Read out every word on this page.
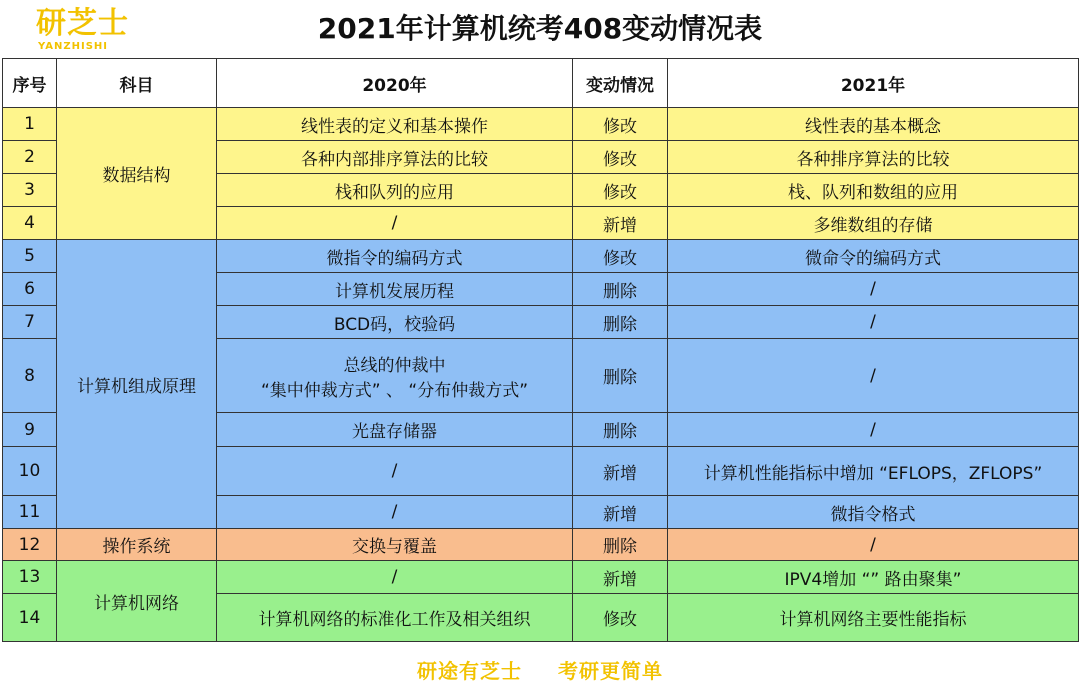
研芝士
YANZHISHI
2021年计算机统考408变动情况表
序号	科目	2020年	变动情况	2021年
1	数据结构	线性表的定义和基本操作	修改	线性表的基本概念
2		各种内部排序算法的比较	修改	各种排序算法的比较
3		栈和队列的应用	修改	栈、队列和数组的应用
4		/	新增	多维数组的存储
5	计算机组成原理	微指令的编码方式	修改	微命令的编码方式
6		计算机发展历程	删除	/
7		BCD码，校验码	删除	/
8		总线的仲裁中
“集中仲裁方式” 、 “分布仲裁方式”	删除	/
9		光盘存储器	删除	/
10		/	新增	计算机性能指标中增加 “EFLOPS，ZFLOPS”
11		/	新增	微指令格式
12	操作系统	交换与覆盖	删除	/
13	计算机网络	/	新增	IPV4增加 “” 路由聚集”
14		计算机网络的标准化工作及相关组织	修改	计算机网络主要性能指标
研途有芝士 考研更简单
